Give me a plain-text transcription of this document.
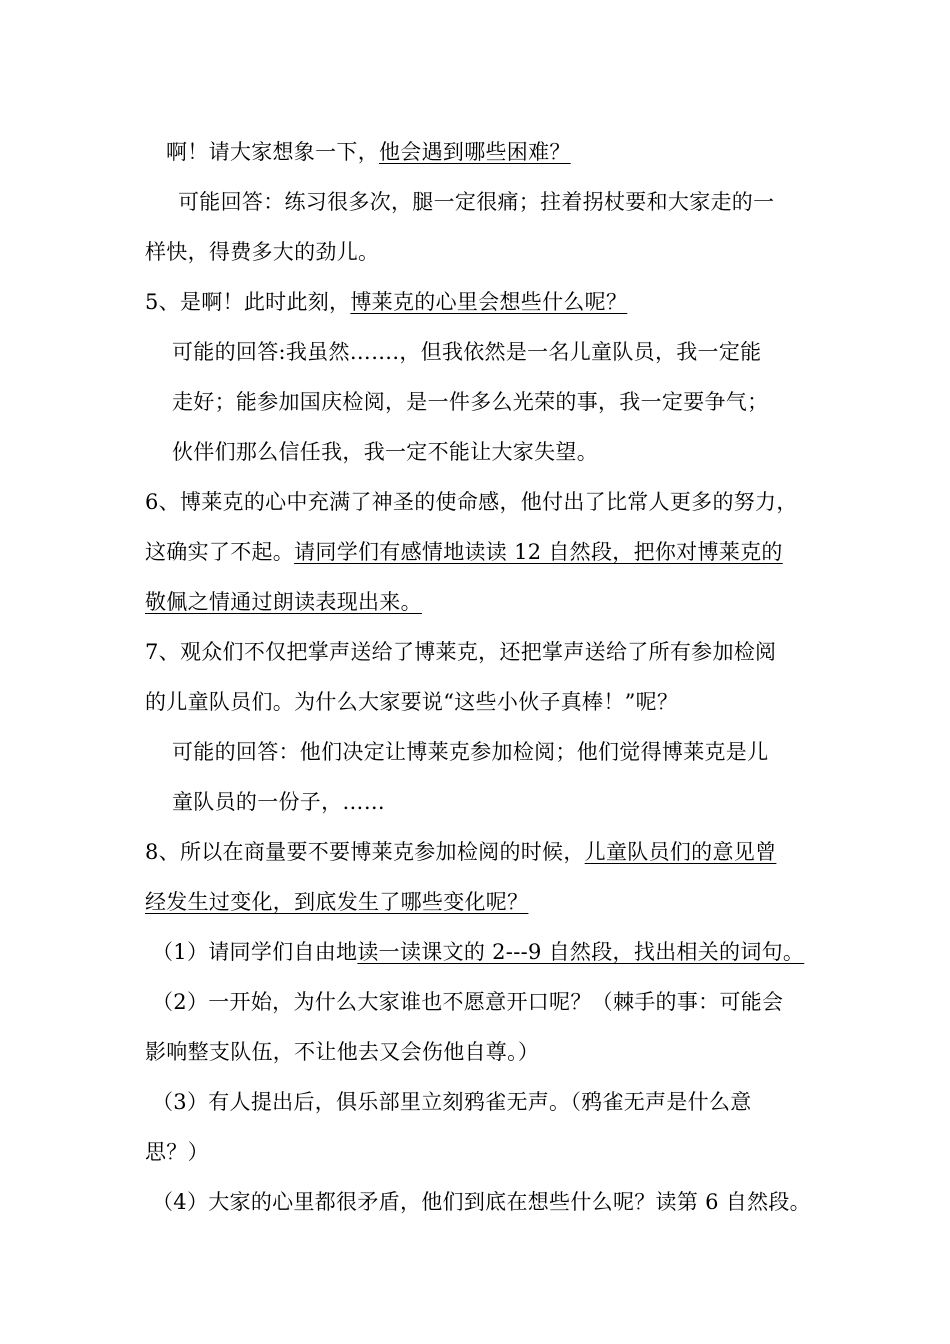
啊！请大家想象一下，他会遇到哪些困难？
可能回答：练习很多次，腿一定很痛；拄着拐杖要和大家走的一
样快，得费多大的劲儿。
5、是啊！此时此刻，博莱克的心里会想些什么呢？
可能的回答:我虽然…….，但我依然是一名儿童队员，我一定能
走好；能参加国庆检阅，是一件多么光荣的事，我一定要争气；
伙伴们那么信任我，我一定不能让大家失望。
6、博莱克的心中充满了神圣的使命感，他付出了比常人更多的努力，
这确实了不起。请同学们有感情地读读 12 自然段，把你对博莱克的
敬佩之情通过朗读表现出来。
7、观众们不仅把掌声送给了博莱克，还把掌声送给了所有参加检阅
的儿童队员们。为什么大家要说“这些小伙子真棒！”呢？
可能的回答：他们决定让博莱克参加检阅；他们觉得博莱克是儿
童队员的一份子，……
8、所以在商量要不要博莱克参加检阅的时候，儿童队员们的意见曾
经发生过变化，到底发生了哪些变化呢？
（1）请同学们自由地读一读课文的 2---9 自然段，找出相关的词句。
（2）一开始，为什么大家谁也不愿意开口呢？（棘手的事：可能会
影响整支队伍，不让他去又会伤他自尊。）
（3）有人提出后，俱乐部里立刻鸦雀无声。（鸦雀无声是什么意
思？）
（4）大家的心里都很矛盾，他们到底在想些什么呢？读第 6 自然段。
